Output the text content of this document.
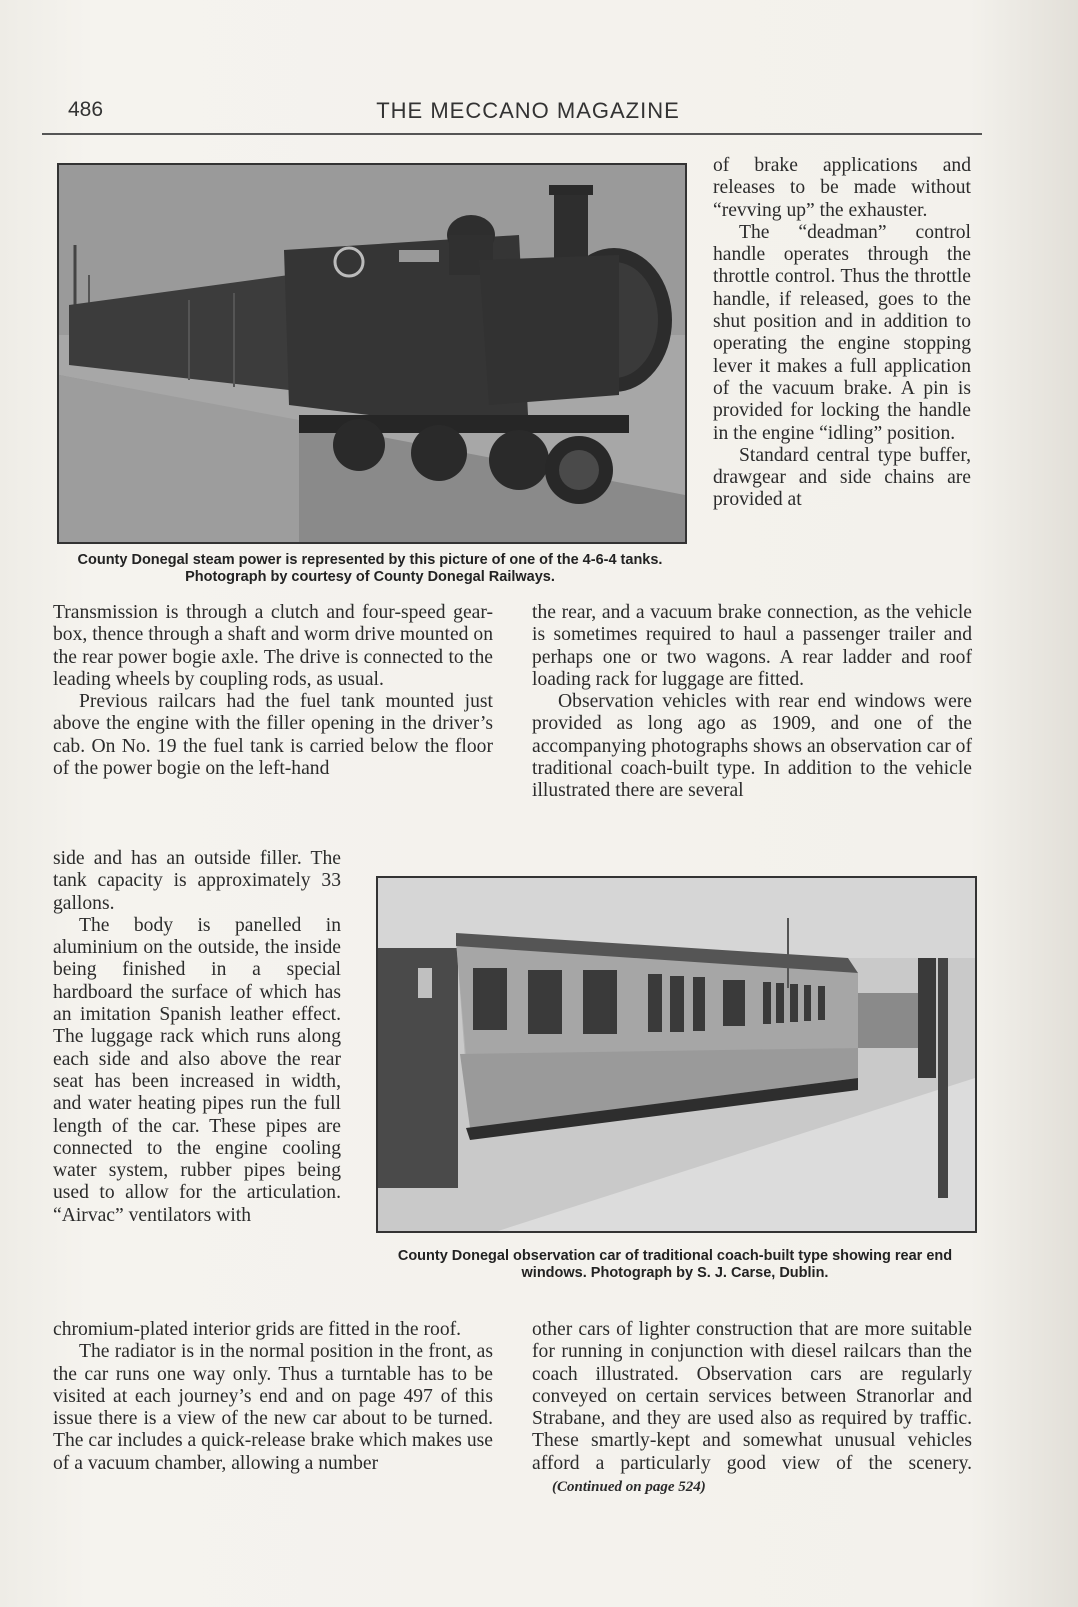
486	THE MECCANO MAGAZINE
County Donegal steam power is represented by this picture of one of the 4-6-4 tanks. Photograph by courtesy of County Donegal Railways.

of brake applications and releases to be made without “revving up” the exhauster.

The “deadman” control handle operates through the throttle control. Thus the throttle handle, if released, goes to the shut position and in addition to operating the engine stopping lever it makes a full application of the vacuum brake. A pin is provided for locking the handle in the engine “idling” position.

Standard central type buffer, drawgear and side chains are provided at

Transmission is through a clutch and four-speed gear-box, thence through a shaft and worm drive mounted on the rear power bogie axle. The drive is connected to the leading wheels by coupling rods, as usual.

Previous railcars had the fuel tank mounted just above the engine with the filler opening in the driver’s cab. On No. 19 the fuel tank is carried below the floor of the power bogie on the left-hand

the rear, and a vacuum brake connection, as the vehicle is sometimes required to haul a passenger trailer and perhaps one or two wagons. A rear ladder and roof loading rack for luggage are fitted.

Observation vehicles with rear end windows were provided as long ago as 1909, and one of the accompanying photographs shows an observation car of traditional coach-built type. In addition to the vehicle illustrated there are several

side and has an outside filler. The tank capacity is approximately 33 gallons.

The body is panelled in aluminium on the outside, the inside being finished in a special hardboard the surface of which has an imitation Spanish leather effect. The luggage rack which runs along each side and also above the rear seat has been increased in width, and water heating pipes run the full length of the car. These pipes are connected to the engine cooling water system, rubber pipes being used to allow for the articulation. “Airvac” ventilators with

County Donegal observation car of traditional coach-built type showing rear end windows. Photograph by S. J. Carse, Dublin.

chromium-plated interior grids are fitted in the roof.

The radiator is in the normal position in the front, as the car runs one way only. Thus a turntable has to be visited at each journey’s end and on page 497 of this issue there is a view of the new car about to be turned. The car includes a quick-release brake which makes use of a vacuum chamber, allowing a number

other cars of lighter construction that are more suitable for running in conjunction with diesel railcars than the coach illustrated. Observation cars are regularly conveyed on certain services between Stranorlar and Strabane, and they are used also as required by traffic. These smartly-kept and somewhat unusual vehicles afford a particularly good view of the scenery.(Continued on page 524)
